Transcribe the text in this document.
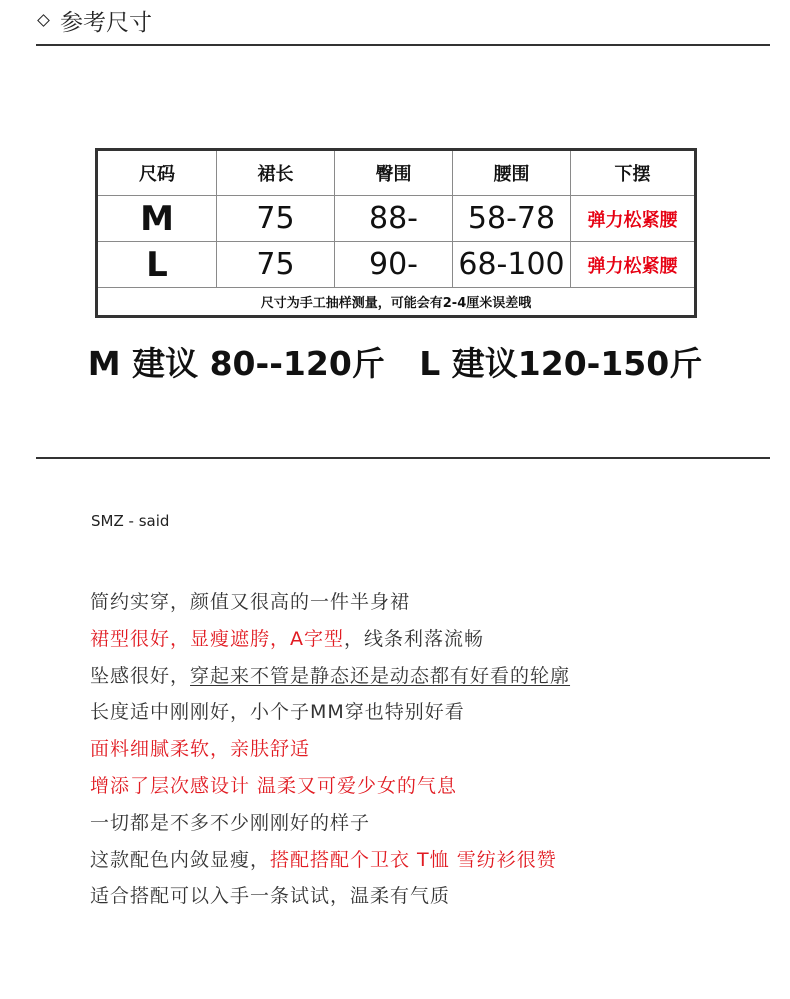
参考尺寸
尺码	裙长	臀围	腰围	下摆
M	75	88-	58-78	弹力松紧腰
L	75	90-	68-100	弹力松紧腰
尺寸为手工抽样测量，可能会有2-4厘米误差哦				
M 建议 80--120斤   L 建议120-150斤
SMZ - said
简约实穿，颜值又很高的一件半身裙
裙型很好，显瘦遮胯，A字型，线条利落流畅
坠感很好，穿起来不管是静态还是动态都有好看的轮廓
长度适中刚刚好，小个子MM穿也特别好看
面料细腻柔软，亲肤舒适
增添了层次感设计 温柔又可爱少女的气息
一切都是不多不少刚刚好的样子
这款配色内敛显瘦，搭配搭配个卫衣 T恤 雪纺衫很赞
适合搭配可以入手一条试试，温柔有气质
